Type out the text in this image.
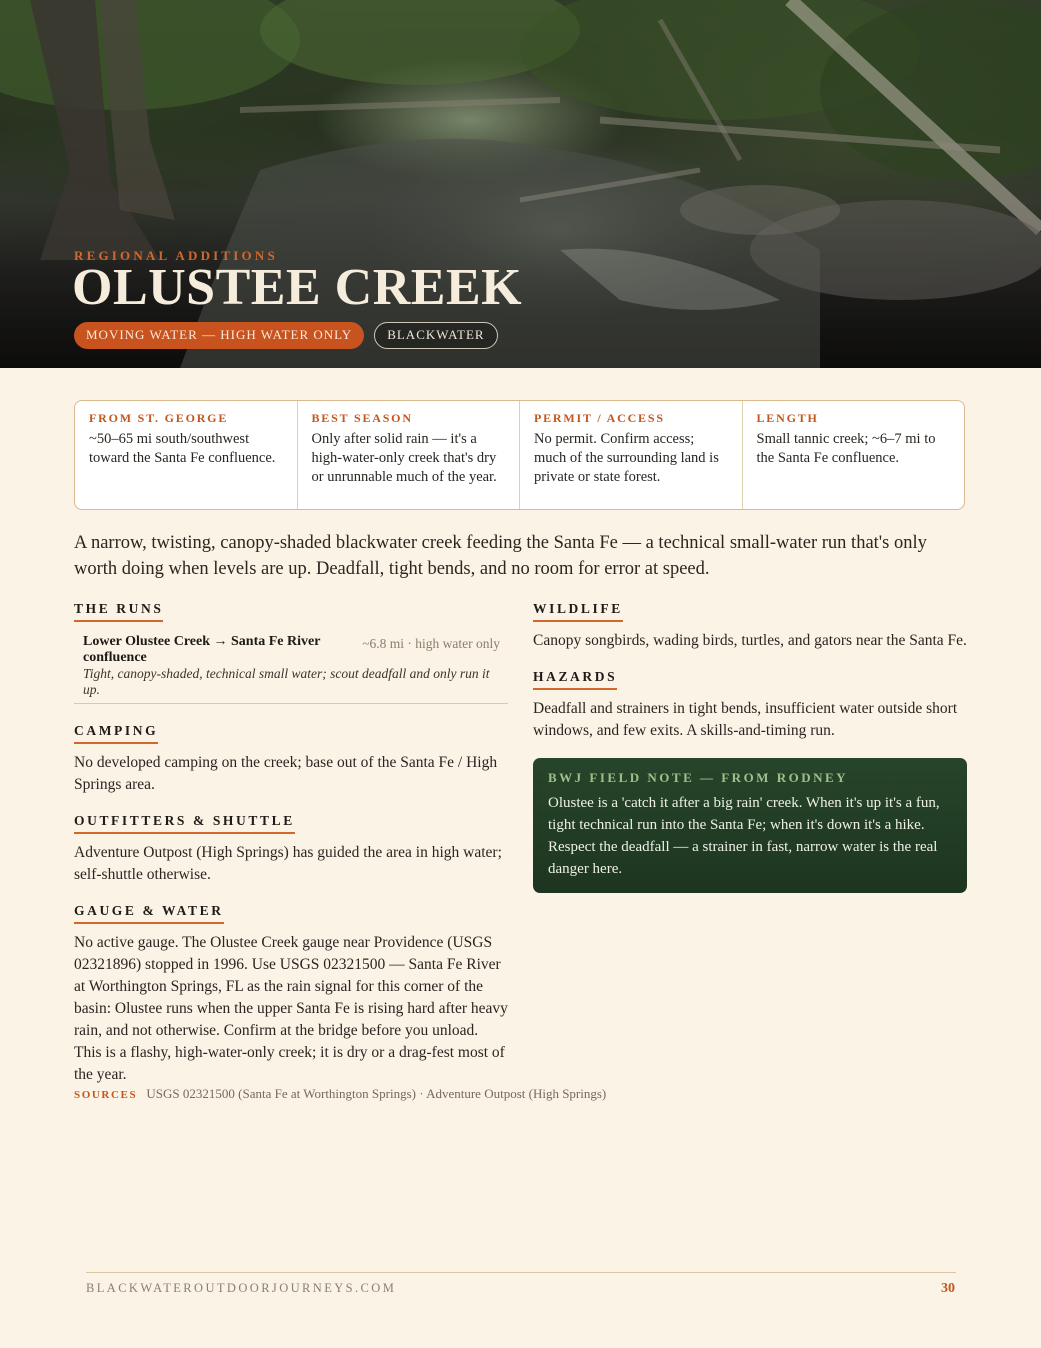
REGIONAL ADDITIONS
OLUSTEE CREEK
MOVING WATER — HIGH WATER ONLY	BLACKWATER
FROM ST. GEORGE
~50–65 mi south/southwest toward the Santa Fe confluence.
BEST SEASON
Only after solid rain — it's a high-water-only creek that's dry or unrunnable much of the year.
PERMIT / ACCESS
No permit. Confirm access; much of the surrounding land is private or state forest.
LENGTH
Small tannic creek; ~6–7 mi to the Santa Fe confluence.

A narrow, twisting, canopy-shaded blackwater creek feeding the Santa Fe — a technical small-water run that's only worth doing when levels are up. Deadfall, tight bends, and no room for error at speed.

THE RUNS
Lower Olustee Creek → Santa Fe River confluence
~6.8 mi · high water only
Tight, canopy-shaded, technical small water; scout deadfall and only run it up.
CAMPING

No developed camping on the creek; base out of the Santa Fe / High Springs area.

OUTFITTERS & SHUTTLE

Adventure Outpost (High Springs) has guided the area in high water; self-shuttle otherwise.

GAUGE & WATER

No active gauge. The Olustee Creek gauge near Providence (USGS 02321896) stopped in 1996. Use USGS 02321500 — Santa Fe River at Worthington Springs, FL as the rain signal for this corner of the basin: Olustee runs when the upper Santa Fe is rising hard after heavy rain, and not otherwise. Confirm at the bridge before you unload. This is a flashy, high-water-only creek; it is dry or a drag-fest most of the year.

WILDLIFE

Canopy songbirds, wading birds, turtles, and gators near the Santa Fe.

HAZARDS

Deadfall and strainers in tight bends, insufficient water outside short windows, and few exits. A skills-and-timing run.

BWJ FIELD NOTE — FROM RODNEY
Olustee is a 'catch it after a big rain' creek. When it's up it's a fun, tight technical run into the Santa Fe; when it's down it's a hike. Respect the deadfall — a strainer in fast, narrow water is the real danger here.
SOURCES USGS 02321500 (Santa Fe at Worthington Springs) · Adventure Outpost (High Springs)
BLACKWATEROUTDOORJOURNEYS.COM	30
